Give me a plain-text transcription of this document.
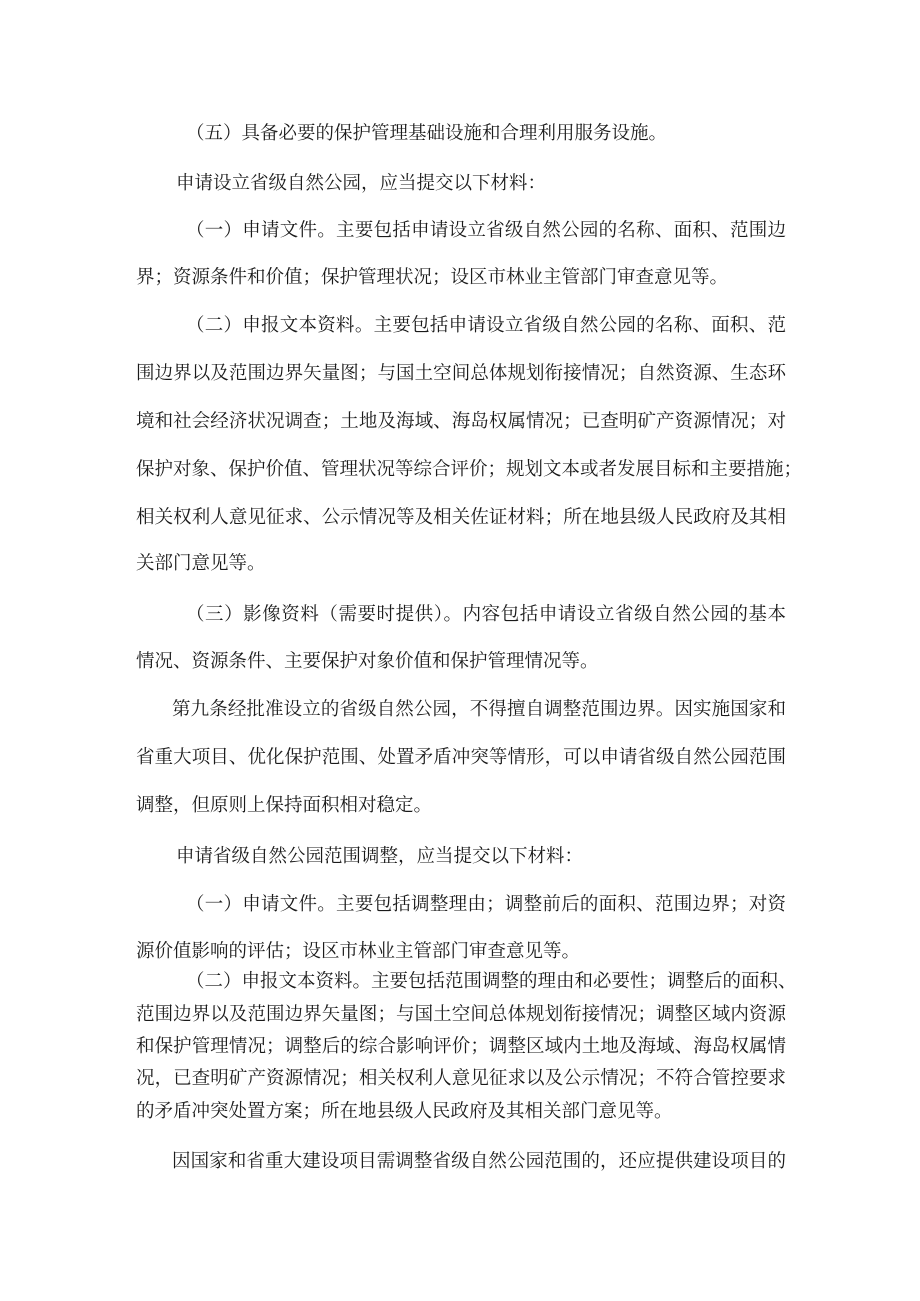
（五）具备必要的保护管理基础设施和合理利用服务设施。
申请设立省级自然公园，应当提交以下材料：
（一）申请文件。主要包括申请设立省级自然公园的名称、面积、范围边
界；资源条件和价值；保护管理状况；设区市林业主管部门审查意见等。
（二）申报文本资料。主要包括申请设立省级自然公园的名称、面积、范
围边界以及范围边界矢量图；与国土空间总体规划衔接情况；自然资源、生态环
境和社会经济状况调查；土地及海域、海岛权属情况；已查明矿产资源情况；对
保护对象、保护价值、管理状况等综合评价；规划文本或者发展目标和主要措施；
相关权利人意见征求、公示情况等及相关佐证材料；所在地县级人民政府及其相
关部门意见等。
（三）影像资料（需要时提供）。内容包括申请设立省级自然公园的基本
情况、资源条件、主要保护对象价值和保护管理情况等。
第九条经批准设立的省级自然公园，不得擅自调整范围边界。因实施国家和
省重大项目、优化保护范围、处置矛盾冲突等情形，可以申请省级自然公园范围
调整，但原则上保持面积相对稳定。
申请省级自然公园范围调整，应当提交以下材料：
（一）申请文件。主要包括调整理由；调整前后的面积、范围边界；对资
源价值影响的评估；设区市林业主管部门审查意见等。
（二）申报文本资料。主要包括范围调整的理由和必要性；调整后的面积、
范围边界以及范围边界矢量图；与国土空间总体规划衔接情况；调整区域内资源
和保护管理情况；调整后的综合影响评价；调整区域内土地及海域、海岛权属情
况，已查明矿产资源情况；相关权利人意见征求以及公示情况；不符合管控要求
的矛盾冲突处置方案；所在地县级人民政府及其相关部门意见等。
因国家和省重大建设项目需调整省级自然公园范围的，还应提供建设项目的
